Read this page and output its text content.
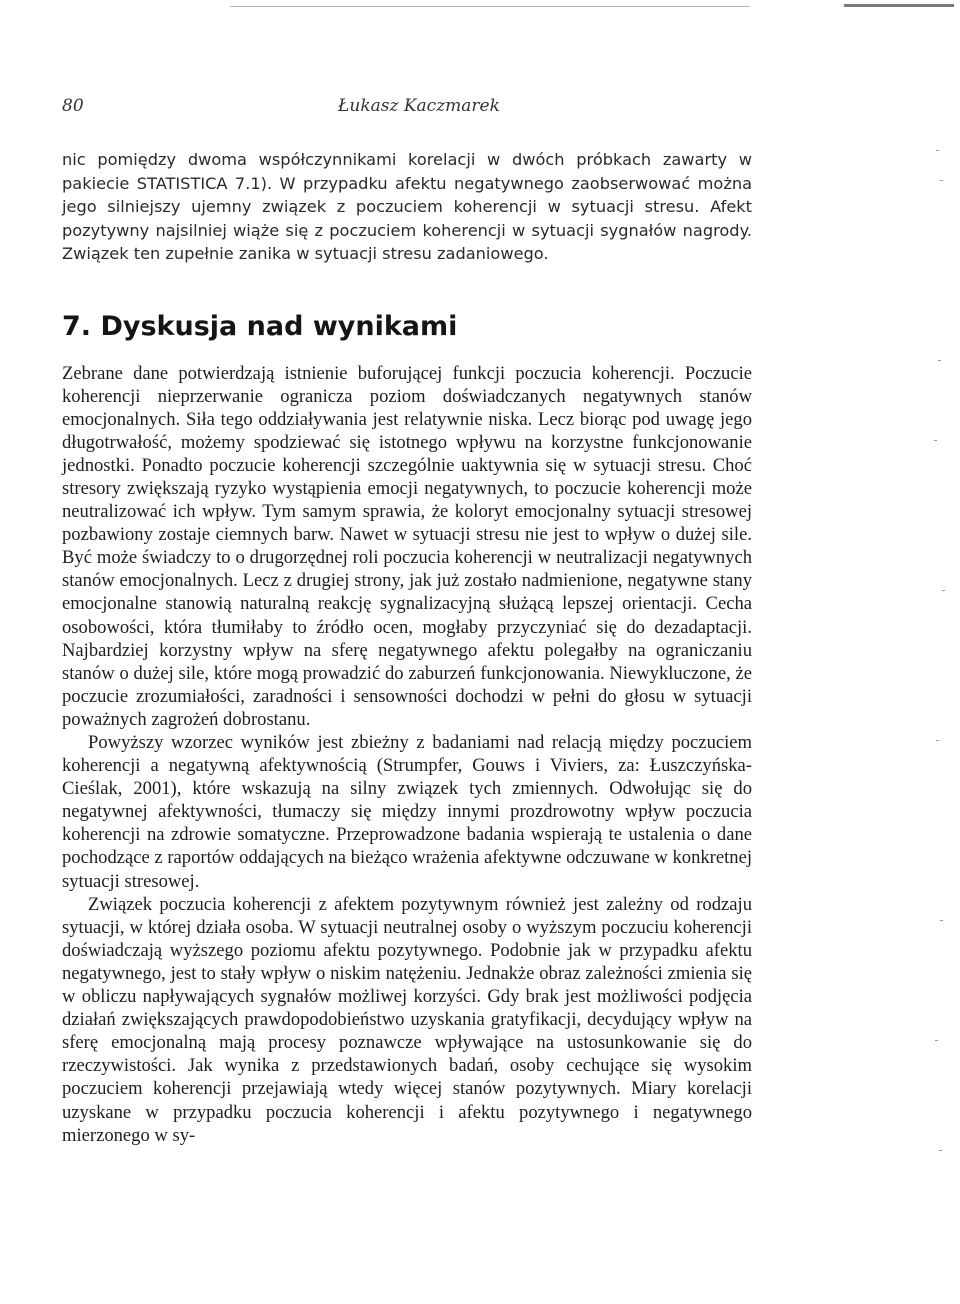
80	Łukasz Kaczmarek

nic pomiędzy dwoma współczynnikami korelacji w dwóch próbkach zawarty w pakiecie STATISTICA 7.1). W przypadku afektu negatywnego zaobserwować można jego silniejszy ujemny związek z poczuciem koherencji w sytuacji stresu. Afekt pozytywny najsilniej wiąże się z poczuciem koherencji w sytuacji sygnałów nagrody. Związek ten zupełnie zanika w sytuacji stresu zadaniowego.

7. Dyskusja nad wynikami

Zebrane dane potwierdzają istnienie buforującej funkcji poczucia koherencji. Poczucie koherencji nieprzerwanie ogranicza poziom doświadczanych negatywnych stanów emocjonalnych. Siła tego oddziaływania jest relatywnie niska. Lecz biorąc pod uwagę jego długotrwałość, możemy spodziewać się istotnego wpływu na korzystne funkcjonowanie jednostki. Ponadto poczucie koherencji szczególnie uaktywnia się w sytuacji stresu. Choć stresory zwiększają ryzyko wystąpienia emocji negatywnych, to poczucie koherencji może neutralizować ich wpływ. Tym samym sprawia, że koloryt emocjonalny sytuacji stresowej pozbawiony zostaje ciemnych barw. Nawet w sytuacji stresu nie jest to wpływ o dużej sile. Być może świadczy to o drugorzędnej roli poczucia koherencji w neutralizacji negatywnych stanów emocjonalnych. Lecz z drugiej strony, jak już zostało nadmienione, negatywne stany emocjonalne stanowią naturalną reakcję sygnalizacyjną służącą lepszej orientacji. Cecha osobowości, która tłumiłaby to źródło ocen, mogłaby przyczyniać się do dezadaptacji. Najbardziej korzystny wpływ na sferę negatywnego afektu polegałby na ograniczaniu stanów o dużej sile, które mogą prowadzić do zaburzeń funkcjonowania. Niewykluczone, że poczucie zrozumiałości, zaradności i sensowności dochodzi w pełni do głosu w sytuacji poważnych zagrożeń dobrostanu.

Powyższy wzorzec wyników jest zbieżny z badaniami nad relacją między poczuciem koherencji a negatywną afektywnością (Strumpfer, Gouws i Viviers, za: Łuszczyńska-Cieślak, 2001), które wskazują na silny związek tych zmiennych. Odwołując się do negatywnej afektywności, tłumaczy się między innymi prozdrowotny wpływ poczucia koherencji na zdrowie somatyczne. Przeprowadzone badania wspierają te ustalenia o dane pochodzące z raportów oddających na bieżąco wrażenia afektywne odczuwane w konkretnej sytuacji stresowej.

Związek poczucia koherencji z afektem pozytywnym również jest zależny od rodzaju sytuacji, w której działa osoba. W sytuacji neutralnej osoby o wyższym poczuciu koherencji doświadczają wyższego poziomu afektu pozytywnego. Podobnie jak w przypadku afektu negatywnego, jest to stały wpływ o niskim natężeniu. Jednakże obraz zależności zmienia się w obliczu napływających sygnałów możliwej korzyści. Gdy brak jest możliwości podjęcia działań zwiększających prawdopodobieństwo uzyskania gratyfikacji, decydujący wpływ na sferę emocjonalną mają procesy poznawcze wpływające na ustosunkowanie się do rzeczywistości. Jak wynika z przedstawionych badań, osoby cechujące się wysokim poczuciem koherencji przejawiają wtedy więcej stanów pozytywnych. Miary korelacji uzyskane w przypadku poczucia koherencji i afektu pozytywnego i negatywnego mierzonego w sy-
